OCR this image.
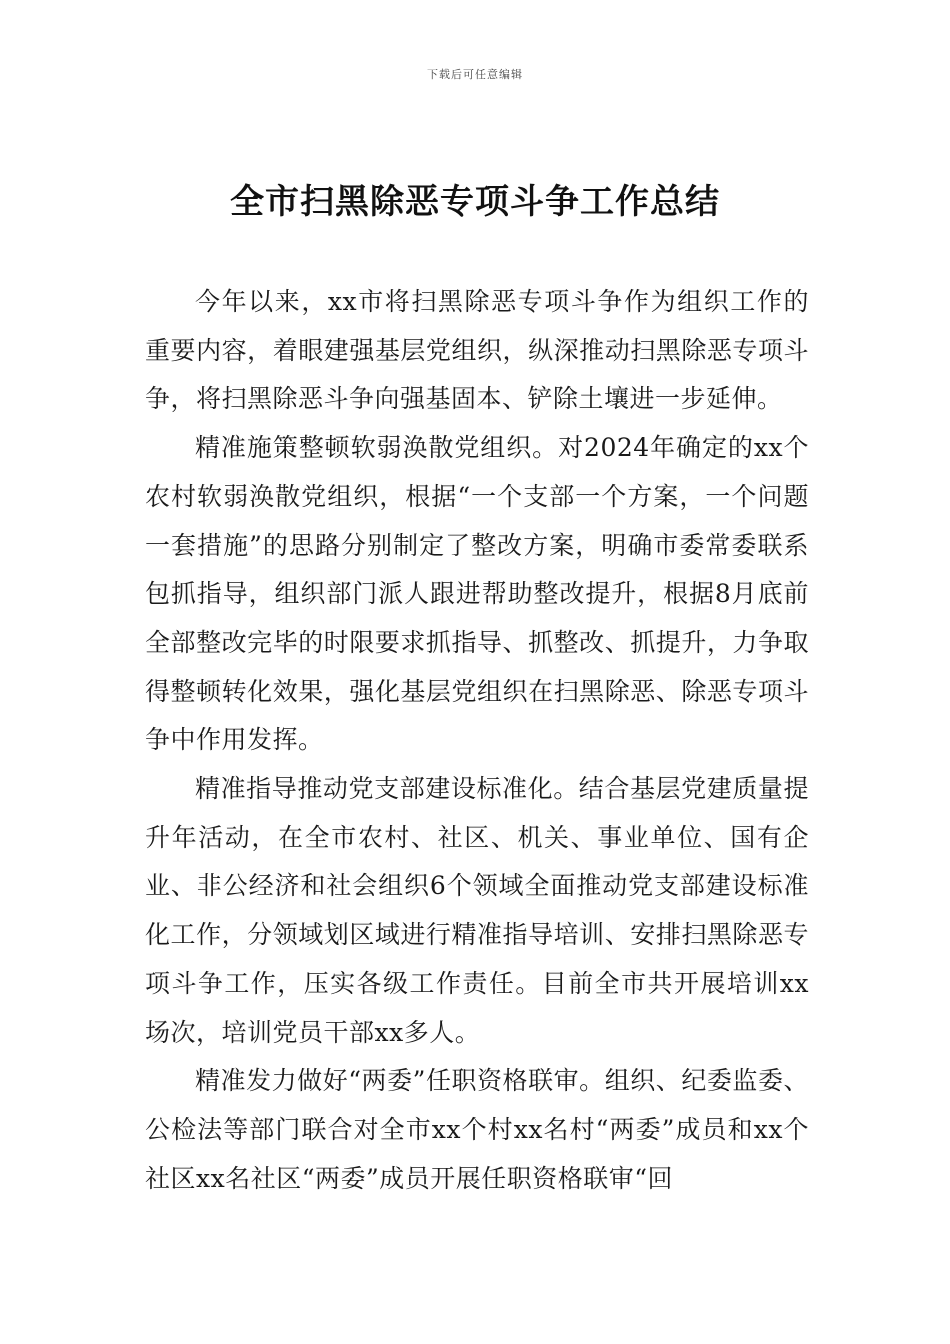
下载后可任意编辑
全市扫黑除恶专项斗争工作总结

今年以来，xx市将扫黑除恶专项斗争作为组织工作的重要内容，着眼建强基层党组织，纵深推动扫黑除恶专项斗争，将扫黑除恶斗争向强基固本、铲除土壤进一步延伸。

精准施策整顿软弱涣散党组织。对2024年确定的xx个农村软弱涣散党组织，根据“一个支部一个方案，一个问题一套措施”的思路分别制定了整改方案，明确市委常委联系包抓指导，组织部门派人跟进帮助整改提升，根据8月底前全部整改完毕的时限要求抓指导、抓整改、抓提升，力争取得整顿转化效果，强化基层党组织在扫黑除恶、除恶专项斗争中作用发挥。

精准指导推动党支部建设标准化。结合基层党建质量提升年活动，在全市农村、社区、机关、事业单位、国有企业、非公经济和社会组织6个领域全面推动党支部建设标准化工作，分领域划区域进行精准指导培训、安排扫黑除恶专项斗争工作，压实各级工作责任。目前全市共开展培训xx场次，培训党员干部xx多人。

精准发力做好“两委”任职资格联审。组织、纪委监委、公检法等部门联合对全市xx个村xx名村“两委”成员和xx个社区xx名社区“两委”成员开展任职资格联审“回
